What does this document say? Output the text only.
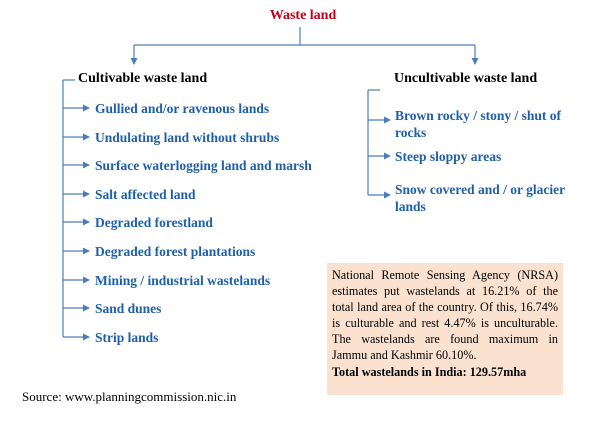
Waste land
Cultivable waste land	Uncultivable waste land
Gullied and/or ravenous lands
Undulating land without shrubs
Surface waterlogging land and marsh
Salt affected land
Degraded forestland
Degraded forest plantations
Mining / industrial wastelands
Sand dunes
Strip lands
Brown rocky / stony / shut of rocks
Steep sloppy areas
Snow covered and / or glacier lands
National Remote Sensing Agency (NRSA) estimates put wastelands at 16.21% of the total land area of the country. Of this, 16.74% is culturable and rest 4.47% is unculturable. The wastelands are found maximum in Jammu and Kashmir 60.10%.
Total wastelands in India: 129.57mha
Source: www.planningcommission.nic.in
